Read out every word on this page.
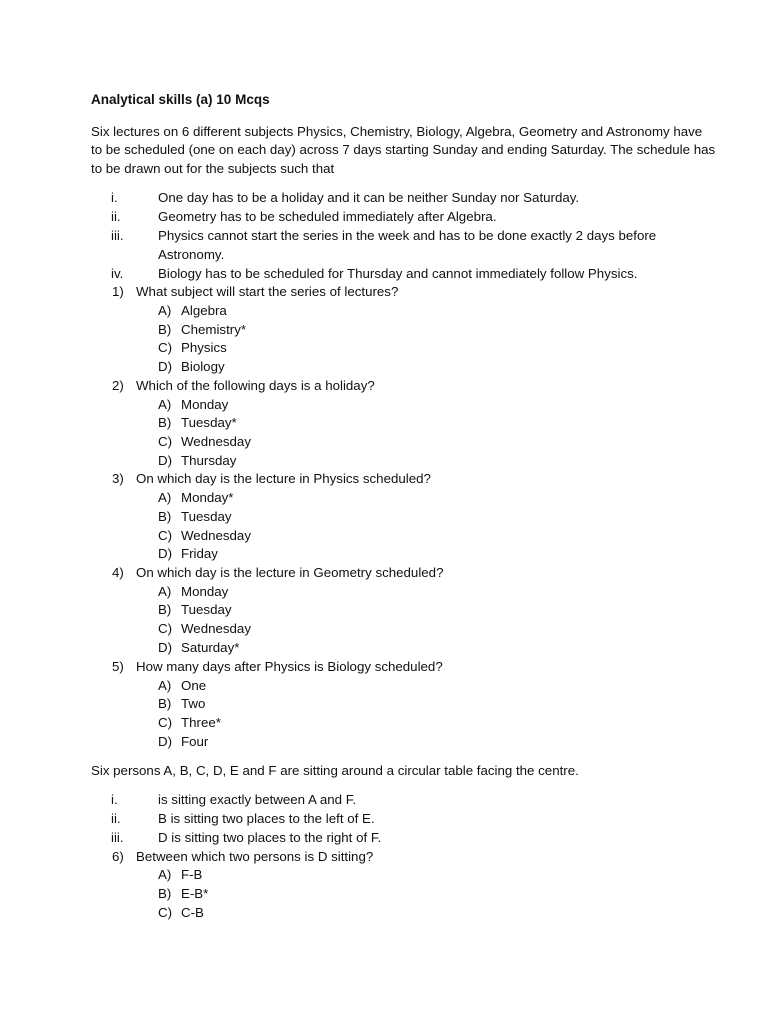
Analytical skills (a) 10 Mcqs
Six lectures on 6 different subjects Physics, Chemistry, Biology, Algebra, Geometry and Astronomy have
to be scheduled (one on each day) across 7 days starting Sunday and ending Saturday. The schedule has
to be drawn out for the subjects such that
i.	One day has to be a holiday and it can be neither Sunday nor Saturday.
ii.	Geometry has to be scheduled immediately after Algebra.
iii.	Physics cannot start the series in the week and has to be done exactly 2 days before
Astronomy.
iv.	Biology has to be scheduled for Thursday and cannot immediately follow Physics.
1) What subject will start the series of lectures?
A) Algebra
B) Chemistry*
C) Physics
D) Biology
2) Which of the following days is a holiday?
A) Monday
B) Tuesday*
C) Wednesday
D) Thursday
3) On which day is the lecture in Physics scheduled?
A) Monday*
B) Tuesday
C) Wednesday
D) Friday
4) On which day is the lecture in Geometry scheduled?
A) Monday
B) Tuesday
C) Wednesday
D) Saturday*
5) How many days after Physics is Biology scheduled?
A) One
B) Two
C) Three*
D) Four
Six persons A, B, C, D, E and F are sitting around a circular table facing the centre.
i.	is sitting exactly between A and F.
ii.	B is sitting two places to the left of E.
iii.	D is sitting two places to the right of F.
6) Between which two persons is D sitting?
A) F-B
B) E-B*
C) C-B
